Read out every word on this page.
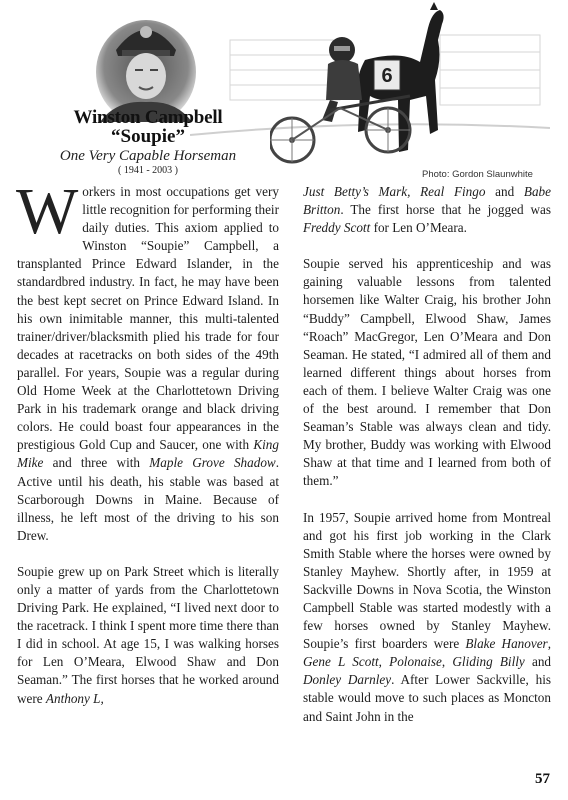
6
Winston Campbell
“Soupie”
One Very Capable Horseman
( 1941 - 2003 )	Photo: Gordon Slaunwhite

Workers in most occupations get very little recognition for performing their daily duties. This axiom applied to Winston “Soupie” Campbell, a transplanted Prince Edward Islander, in the standardbred industry. In fact, he may have been the best kept secret on Prince Edward Island. In his own inimitable manner, this multi-talented trainer/driver/blacksmith plied his trade for four decades at racetracks on both sides of the 49th parallel. For years, Soupie was a regular during Old Home Week at the Charlottetown Driving Park in his trademark orange and black driving colors. He could boast four appearances in the prestigious Gold Cup and Saucer, one with King Mike and three with Maple Grove Shadow. Active until his death, his stable was based at Scarborough Downs in Maine. Because of illness, he left most of the driving to his son Drew.

Soupie grew up on Park Street which is literally only a matter of yards from the Charlottetown Driving Park. He explained, “I lived next door to the racetrack. I think I spent more time there than I did in school. At age 15, I was walking horses for Len O’Meara, Elwood Shaw and Don Seaman.” The first horses that he worked around were Anthony L,

Just Betty’s Mark, Real Fingo and Babe Britton. The first horse that he jogged was Freddy Scott for Len O’Meara.

Soupie served his apprenticeship and was gaining valuable lessons from talented horsemen like Walter Craig, his brother John “Buddy” Campbell, Elwood Shaw, James “Roach” MacGregor, Len O’Meara and Don Seaman. He stated, “I admired all of them and learned different things about horses from each of them. I believe Walter Craig was one of the best around. I remember that Don Seaman’s Stable was always clean and tidy. My brother, Buddy was working with Elwood Shaw at that time and I learned from both of them.”

In 1957, Soupie arrived home from Montreal and got his first job working in the Clark Smith Stable where the horses were owned by Stanley Mayhew. Shortly after, in 1959 at Sackville Downs in Nova Scotia, the Winston Campbell Stable was started modestly with a few horses owned by Stanley Mayhew. Soupie’s first boarders were Blake Hanover, Gene L Scott, Polonaise, Gliding Billy and Donley Darnley. After Lower Sackville, his stable would move to such places as Moncton and Saint John in the

57
